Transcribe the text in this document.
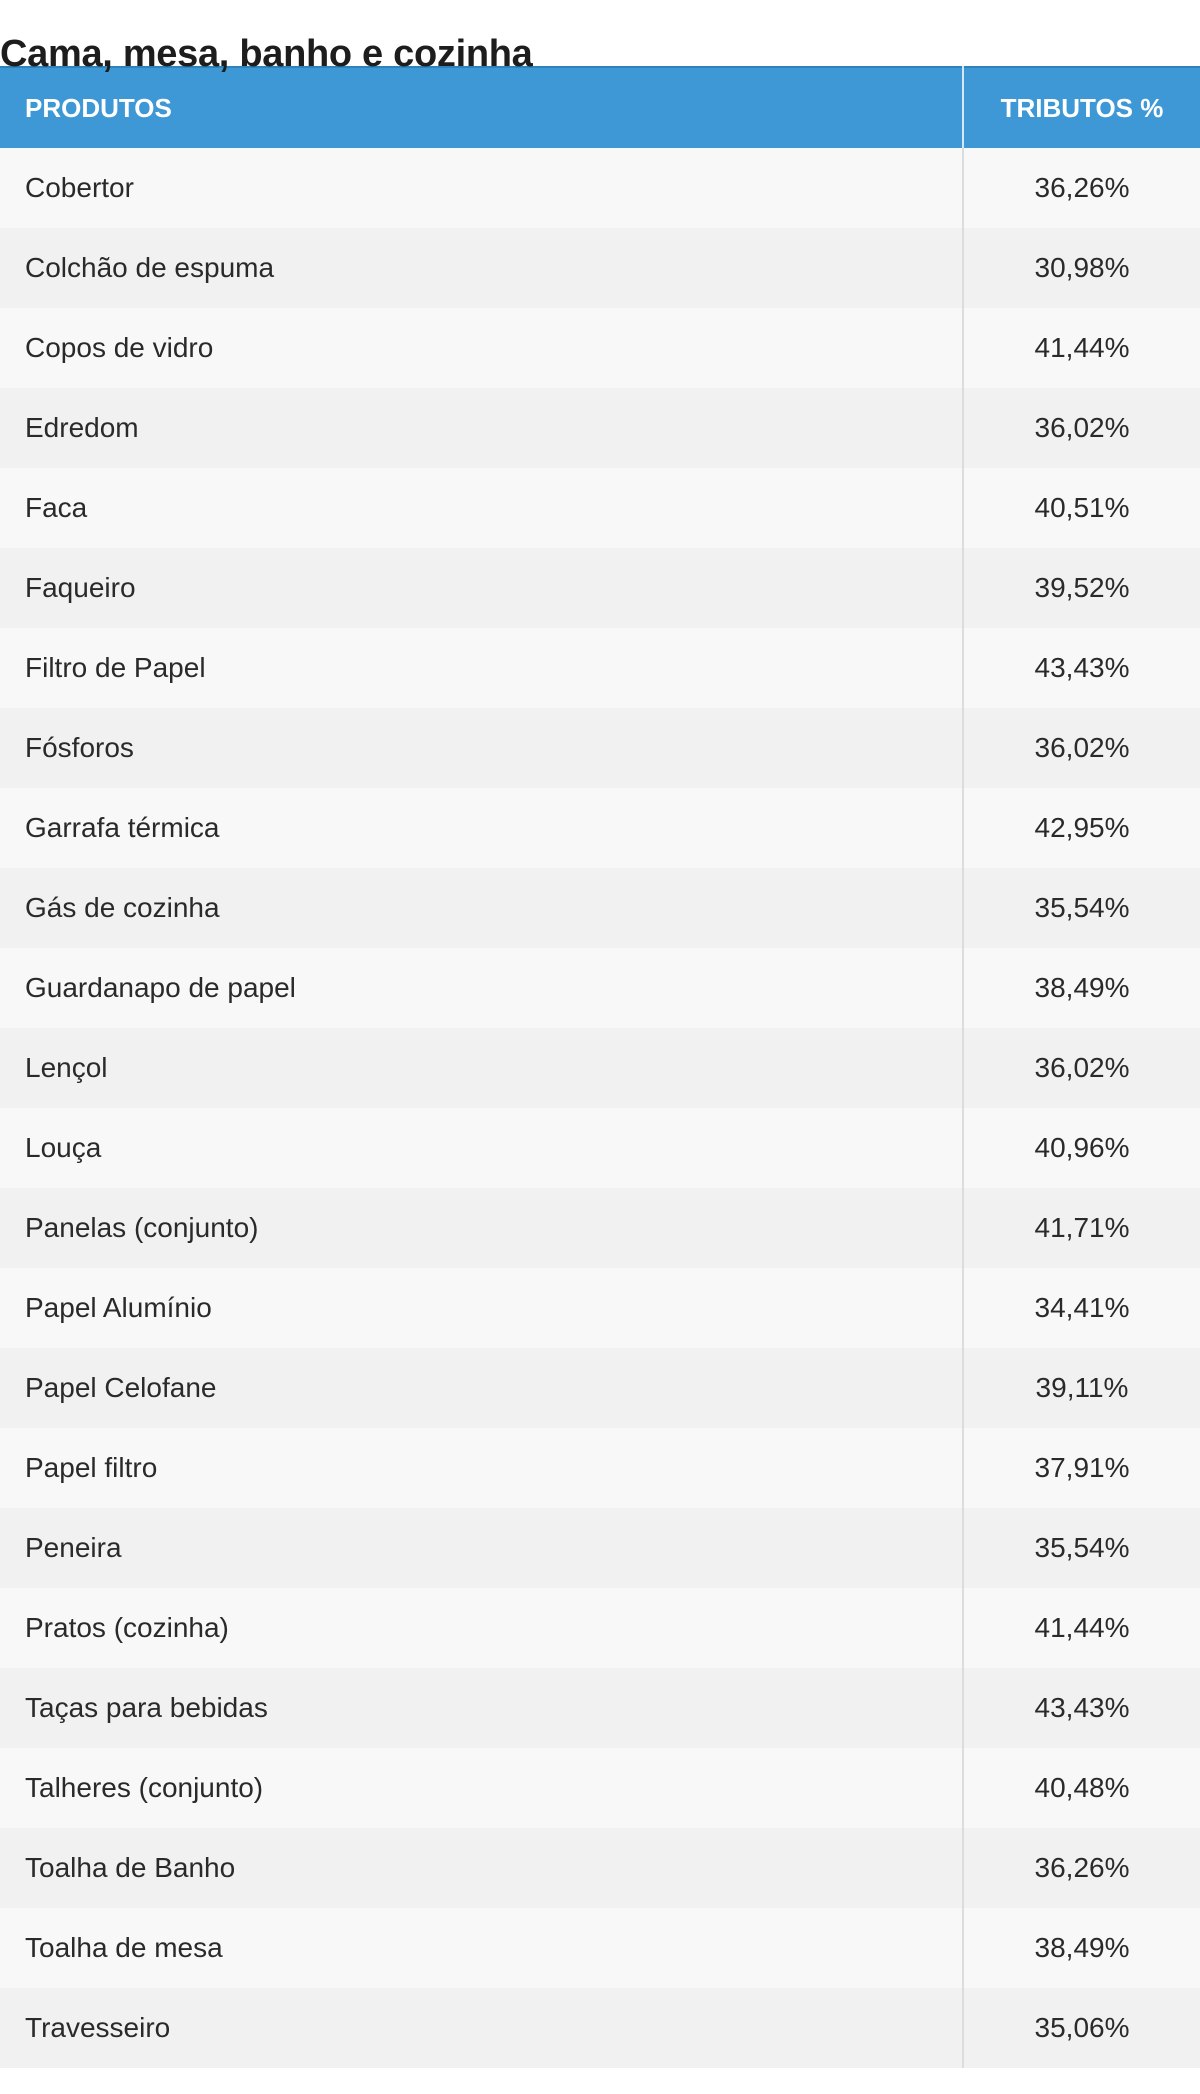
Cama, mesa, banho e cozinha
PRODUTOS	TRIBUTOS %
Cobertor	36,26%
Colchão de espuma	30,98%
Copos de vidro	41,44%
Edredom	36,02%
Faca	40,51%
Faqueiro	39,52%
Filtro de Papel	43,43%
Fósforos	36,02%
Garrafa térmica	42,95%
Gás de cozinha	35,54%
Guardanapo de papel	38,49%
Lençol	36,02%
Louça	40,96%
Panelas (conjunto)	41,71%
Papel Alumínio	34,41%
Papel Celofane	39,11%
Papel filtro	37,91%
Peneira	35,54%
Pratos (cozinha)	41,44%
Taças para bebidas	43,43%
Talheres (conjunto)	40,48%
Toalha de Banho	36,26%
Toalha de mesa	38,49%
Travesseiro	35,06%
